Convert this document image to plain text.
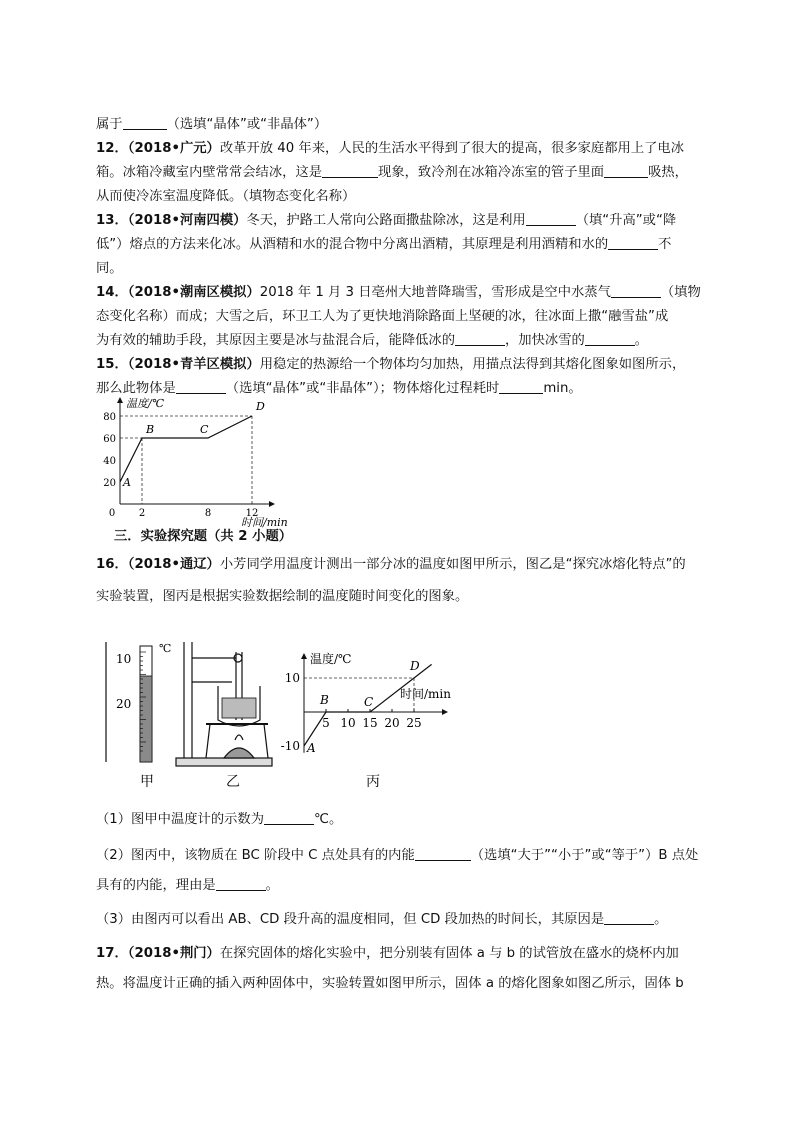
属于	（选填“晶体”或“非晶体”）
12．（2018•广元）改革开放 40 年来，人民的生活水平得到了很大的提高，很多家庭都用上了电冰
箱。冰箱冷藏室内壁常常会结冰，这是	现象，致冷剂在冰箱冷冻室的管子里面	吸热，
从而使冷冻室温度降低。（填物态变化名称）
13．（2018•河南四模）冬天，护路工人常向公路面撒盐除冰，这是利用	（填“升高”或“降
低”）熔点的方法来化冰。从酒精和水的混合物中分离出酒精，其原理是利用酒精和水的	不
同。
14．（2018•潮南区模拟）2018 年 1 月 3 日亳州大地普降瑞雪，雪形成是空中水蒸气	（填物
态变化名称）而成；大雪之后，环卫工人为了更快地消除路面上坚硬的冰，往冰面上撒“融雪盐”成
为有效的辅助手段，其原因主要是冰与盐混合后，能降低冰的	，加快冰雪的	。
15．（2018•青羊区模拟）用稳定的热源给一个物体均匀加热，用描点法得到其熔化图象如图所示，
那么此物体是	（选填“晶体”或“非晶体”）；物体熔化过程耗时	min。
温度/℃
时间/min
20
40
60
80
0 2	8	12
A
B	C
D
三．实验探究题（共 2 小题）
16．（2018•通辽）小芳同学用温度计测出一部分冰的温度如图甲所示，图乙是“探究冰熔化特点”的
实验装置，图丙是根据实验数据绘制的温度随时间变化的图象。
10
20
℃
甲	乙
温度/℃
时间/min
10
-10
5 10 15 20 25
A
B	C
D
丙
（1）图甲中温度计的示数为	℃。
（2）图丙中，该物质在 BC 阶段中 C 点处具有的内能	（选填“大于”“小于”或“等于”）B 点处
具有的内能，理由是	。
（3）由图丙可以看出 AB、CD 段升高的温度相同，但 CD 段加热的时间长，其原因是	。
17．（2018•荆门）在探究固体的熔化实验中，把分别装有固体 a 与 b 的试管放在盛水的烧杯内加
热。将温度计正确的插入两种固体中，实验转置如图甲所示，固体 a 的熔化图象如图乙所示，固体 b
